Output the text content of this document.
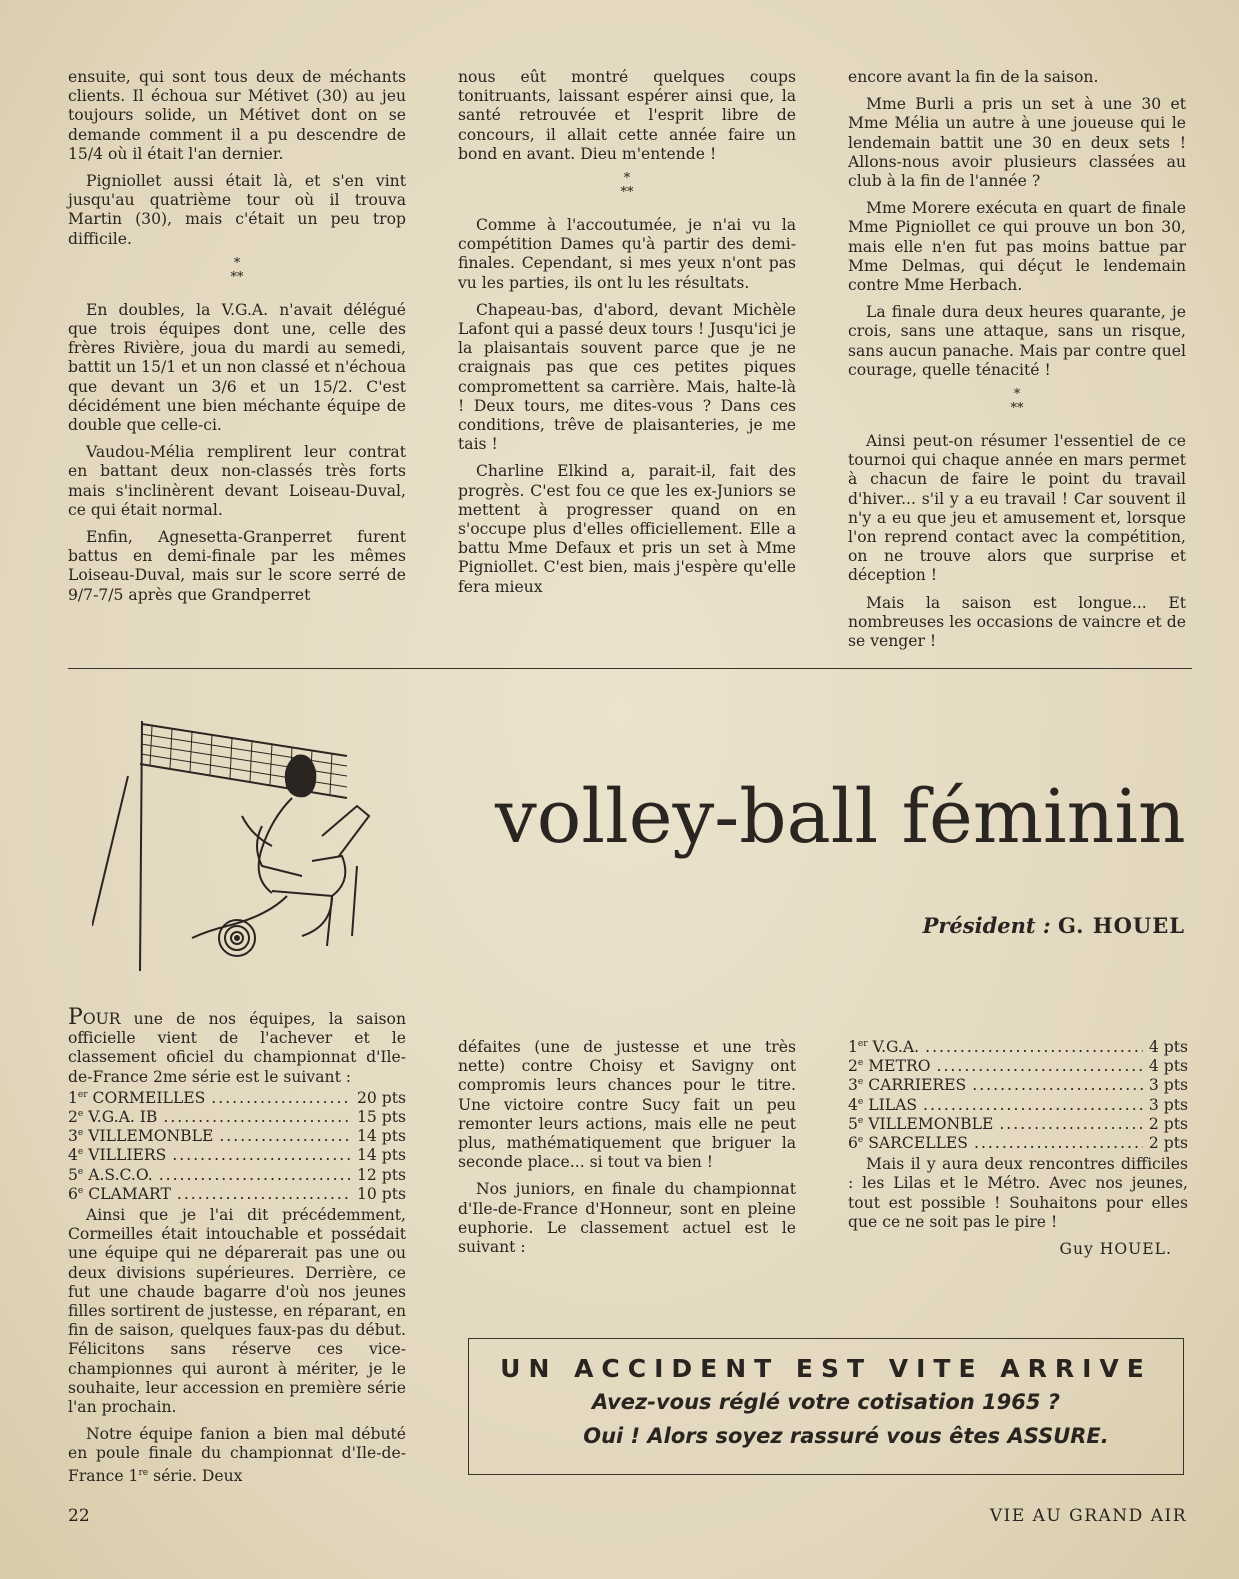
ensuite, qui sont tous deux de méchants clients. Il échoua sur Métivet (30) au jeu toujours solide, un Métivet dont on se demande comment il a pu descendre de 15/4 où il était l'an dernier.

Pigniollet aussi était là, et s'en vint jusqu'au quatrième tour où il trouva Martin (30), mais c'était un peu trop difficile.

*
**

En doubles, la V.G.A. n'avait délégué que trois équipes dont une, celle des frères Rivière, joua du mardi au semedi, battit un 15/1 et un non classé et n'échoua que devant un 3/6 et un 15/2. C'est décidément une bien méchante équipe de double que celle-ci.

Vaudou-Mélia remplirent leur contrat en battant deux non-classés très forts mais s'inclinèrent devant Loiseau-Duval, ce qui était normal.

Enfin, Agnesetta-Granperret furent battus en demi-finale par les mêmes Loiseau-Duval, mais sur le score serré de 9/7-7/5 après que Grandperret

nous eût montré quelques coups tonitruants, laissant espérer ainsi que, la santé retrouvée et l'esprit libre de concours, il allait cette année faire un bond en avant. Dieu m'entende !

*
**

Comme à l'accoutumée, je n'ai vu la compétition Dames qu'à partir des demi-finales. Cependant, si mes yeux n'ont pas vu les parties, ils ont lu les résultats.

Chapeau-bas, d'abord, devant Michèle Lafont qui a passé deux tours ! Jusqu'ici je la plaisantais souvent parce que je ne craignais pas que ces petites piques compromettent sa carrière. Mais, halte-là ! Deux tours, me dites-vous ? Dans ces conditions, trêve de plaisanteries, je me tais !

Charline Elkind a, parait-il, fait des progrès. C'est fou ce que les ex-Juniors se mettent à progresser quand on en s'occupe plus d'elles officiellement. Elle a battu Mme Defaux et pris un set à Mme Pigniollet. C'est bien, mais j'espère qu'elle fera mieux

encore avant la fin de la saison.

Mme Burli a pris un set à une 30 et Mme Mélia un autre à une joueuse qui le lendemain battit une 30 en deux sets ! Allons-nous avoir plusieurs classées au club à la fin de l'année ?

Mme Morere exécuta en quart de finale Mme Pigniollet ce qui prouve un bon 30, mais elle n'en fut pas moins battue par Mme Delmas, qui déçut le lendemain contre Mme Herbach.

La finale dura deux heures quarante, je crois, sans une attaque, sans un risque, sans aucun panache. Mais par contre quel courage, quelle ténacité !

*
**

Ainsi peut-on résumer l'essentiel de ce tournoi qui chaque année en mars permet à chacun de faire le point du travail d'hiver... s'il y a eu travail ! Car souvent il n'y a eu que jeu et amusement et, lorsque l'on reprend contact avec la compétition, on ne trouve alors que surprise et déception !

Mais la saison est longue... Et nombreuses les occasions de vaincre et de se venger !

volley-ball féminin
Président : G. HOUEL

POUR une de nos équipes, la saison officielle vient de l'achever et le classement oficiel du championnat d'Ile-de-France 2me série est le suivant :

1er CORMEILLES .....	20 pts
2e V.G.A. IB .....	15 pts
3e VILLEMONBLE .....	14 pts
4e VILLIERS .....	14 pts
5e A.S.C.O. .....	12 pts
6e CLAMART .....	10 pts

Ainsi que je l'ai dit précédemment, Cormeilles était intouchable et possédait une équipe qui ne déparerait pas une ou deux divisions supérieures. Derrière, ce fut une chaude bagarre d'où nos jeunes filles sortirent de justesse, en réparant, en fin de saison, quelques faux-pas du début. Félicitons sans réserve ces vice-championnes qui auront à mériter, je le souhaite, leur accession en première série l'an prochain.

Notre équipe fanion a bien mal débuté en poule finale du championnat d'Ile-de-France 1re série. Deux

défaites (une de justesse et une très nette) contre Choisy et Savigny ont compromis leurs chances pour le titre. Une victoire contre Sucy fait un peu remonter leurs actions, mais elle ne peut plus, mathématiquement que briguer la seconde place... si tout va bien !

Nos juniors, en finale du championnat d'Ile-de-France d'Honneur, sont en pleine euphorie. Le classement actuel est le suivant :

1er V.G.A. .....	4 pts
2e METRO .....	4 pts
3e CARRIERES .....	3 pts
4e LILAS .....	3 pts
5e VILLEMONBLE .....	2 pts
6e SARCELLES .....	2 pts

Mais il y aura deux rencontres difficiles : les Lilas et le Métro. Avec nos jeunes, tout est possible ! Souhaitons pour elles que ce ne soit pas le pire !

Guy HOUEL.

UN ACCIDENT EST VITE ARRIVE
Avez-vous réglé votre cotisation 1965 ?
Oui ! Alors soyez rassuré vous êtes ASSURE.
22	VIE AU GRAND AIR
